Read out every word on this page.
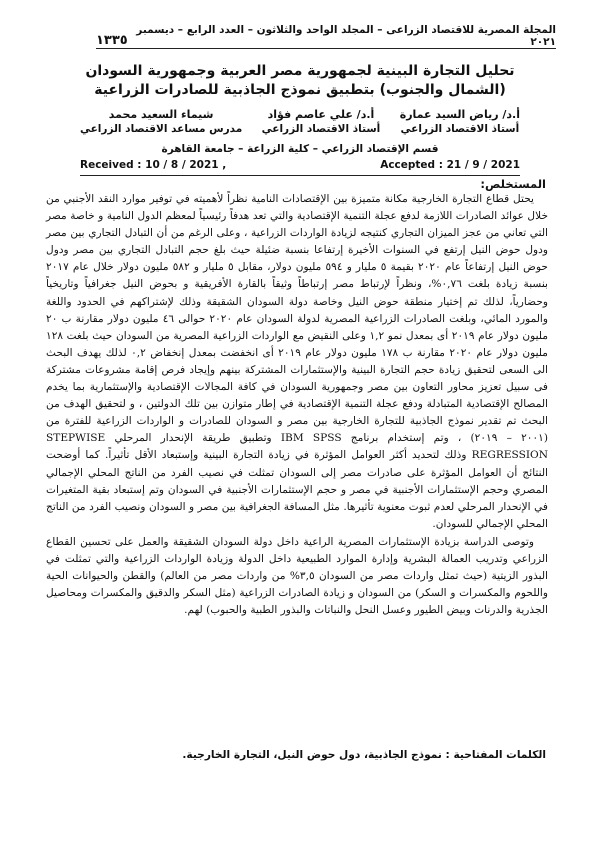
١٣٣٥
المجلة المصرية للاقتصاد الزراعى – المجلد الواحد والثلاثون – العدد الرابع – ديسمبر ٢٠٢١
تحليل التجارة البينية لجمهورية مصر العربية وجمهورية السودان
(الشمال والجنوب) بتطبيق نموذج الجاذبية للصادرات الزراعية
أ.د/ رياض السيد عمارة
أستاذ الاقتصاد الزراعي
أ.د/ علي عاصم فؤاد
أستاذ الاقتصاد الزراعي
شيماء السعيد محمد
مدرس مساعد الاقتصاد الزراعي
قسم الإقتصاد الزراعي – كلية الزراعة – جامعة القاهرة
Received : 10 / 8 / 2021 ,	Accepted : 21 / 9 / 2021
المستخلص:

يحتل قطاع التجارة الخارجية مكانة متميزة بين الإقتصادات النامية نظراً لأهميته في توفير موارد النقد الأجنبي من خلال عوائد الصادرات اللازمة لدفع عجلة التنمية الإقتصادية والتي تعد هدفاً رئيسياً لمعظم الدول النامية و خاصة مصر التي تعاني من عجز الميزان التجاري كنتيجه لزيادة الواردات الزراعية ، وعلى الرغم من أن التبادل التجاري بين مصر ودول حوض النيل إرتفع في السنوات الأخيرة إرتفاعا بنسبة ضئيلة حيث بلغ حجم التبادل التجاري بين مصر ودول حوض النيل إرتفاعاً عام ٢٠٢٠ بقيمة ٥ مليار و ٥٩٤ مليون دولار، مقابل ٥ مليار و ٥٨٢ مليون دولار خلال عام ٢٠١٧ بنسبة زيادة بلغت ٠,٧٦%، ونظراً لإرتباط مصر إرتباطاً وثيقاً بالقارة الأفريقية و بحوض النيل جغرافياً وتاريخياً وحضارياً، لذلك تم إختيار منطقة حوض النيل وخاصة دولة السودان الشقيقة وذلك لإشتراكهم في الحدود واللغة والمورد المائي، وبلغت الصادرات الزراعية المصرية لدولة السودان عام ٢٠٢٠ حوالى ٤٦ مليون دولار مقارنة ب ٢٠ مليون دولار عام ٢٠١٩ أى بمعدل نمو ١,٢ وعلى النقيض مع الواردات الزراعية المصرية من السودان حيث بلغت ١٢٨ مليون دولار عام ٢٠٢٠ مقارنة ب ١٧٨ مليون دولار عام ٢٠١٩ أى انخفضت بمعدل إنخفاض ٠,٢ لذلك يهدف البحث الى السعى لتحقيق زيادة حجم التجارة البينية والإستثمارات المشتركة بينهم وإيجاد فرص إقامة مشروعات مشتركة فى سبيل تعزيز محاور التعاون بين مصر وجمهورية السودان في كافة المجالات الإقتصادية والإستثمارية بما يخدم المصالح الإقتصادية المتبادلة ودفع عجلة التنمية الإقتصادية في إطار متوازن بين تلك الدولتين ، و لتحقيق الهدف من البحث تم تقدير نموذج الجاذبية للتجارة الخارجية بين مصر و السودان للصادرات و الواردات الزراعية للفترة من (٢٠٠١ – ٢٠١٩) ، وتم إستخدام برنامج IBM SPSS وتطبيق طريقة الإنحدار المرحلي STEPWISE REGRESSION وذلك لتحديد أكثر العوامل المؤثرة في زيادة التجارة البينية وإستبعاد الأقل تأثيراً. كما أوضحت النتائج أن العوامل المؤثرة على صادرات مصر إلى السودان تمثلت في نصيب الفرد من الناتج المحلي الإجمالي المصري وحجم الإستثمارات الأجنبية في مصر و حجم الإستثمارات الأجنبية في السودان وتم إستبعاد بقية المتغيرات في الإنحدار المرحلي لعدم ثبوت معنوية تأثيرها. مثل المسافة الجغرافية بين مصر و السودان ونصيب الفرد من الناتج المحلي الإجمالي للسودان.

وتوصى الدراسة بزيادة الإستثمارات المصرية الراعية داخل دولة السودان الشقيقة والعمل على تحسين القطاع الزراعي وتدريب العمالة البشرية وإدارة الموارد الطبيعية داخل الدولة وزيادة الواردات الزراعية والتي تمثلت في البذور الزيتية (حيث تمثل واردات مصر من السودان ٣,٥% من واردات مصر من العالم) والقطن والحيوانات الحية واللحوم والمكسرات و السكر) من السودان و زيادة الصادرات الزراعية (مثل السكر والدقيق والمكسرات ومحاصيل الجذرية والدرنات وبيض الطيور وعسل النحل والنباتات والبذور الطبية والحبوب) لهم.

الكلمات المفتاحية : نموذج الجاذبية، دول حوض النيل، التجارة الخارجية.
